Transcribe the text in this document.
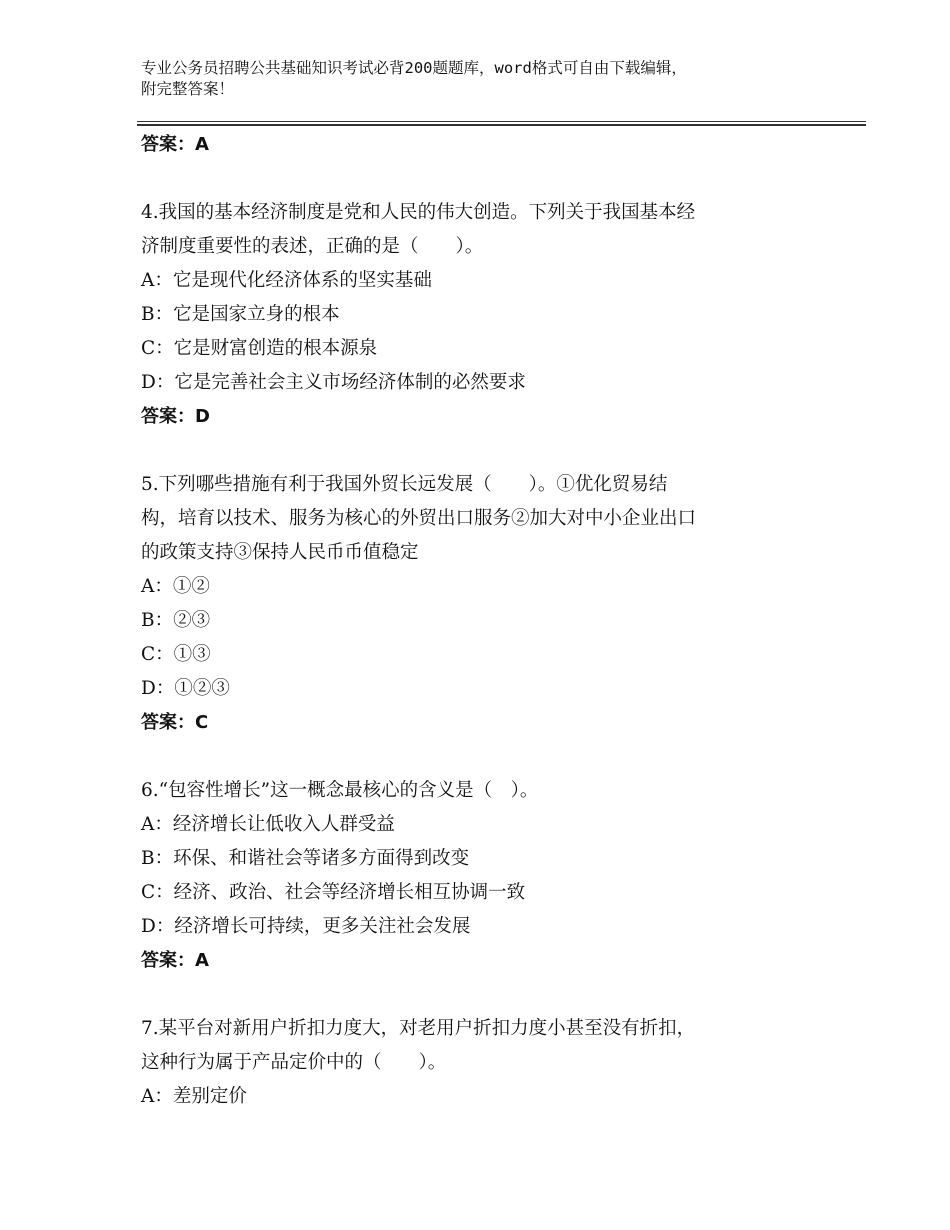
专业公务员招聘公共基础知识考试必背200题题库，word格式可自由下载编辑，
附完整答案！
答案：A
4.我国的基本经济制度是党和人民的伟大创造。下列关于我国基本经
济制度重要性的表述，正确的是（　　）。
A：它是现代化经济体系的坚实基础
B：它是国家立身的根本
C：它是财富创造的根本源泉
D：它是完善社会主义市场经济体制的必然要求
答案：D
5.下列哪些措施有利于我国外贸长远发展（　　）。①优化贸易结
构，培育以技术、服务为核心的外贸出口服务②加大对中小企业出口
的政策支持③保持人民币币值稳定
A：①②
B：②③
C：①③
D：①②③
答案：C
6.“包容性增长”这一概念最核心的含义是（　）。
A：经济增长让低收入人群受益
B：环保、和谐社会等诸多方面得到改变
C：经济、政治、社会等经济增长相互协调一致
D：经济增长可持续，更多关注社会发展
答案：A
7.某平台对新用户折扣力度大，对老用户折扣力度小甚至没有折扣，
这种行为属于产品定价中的（　　）。
A：差别定价
